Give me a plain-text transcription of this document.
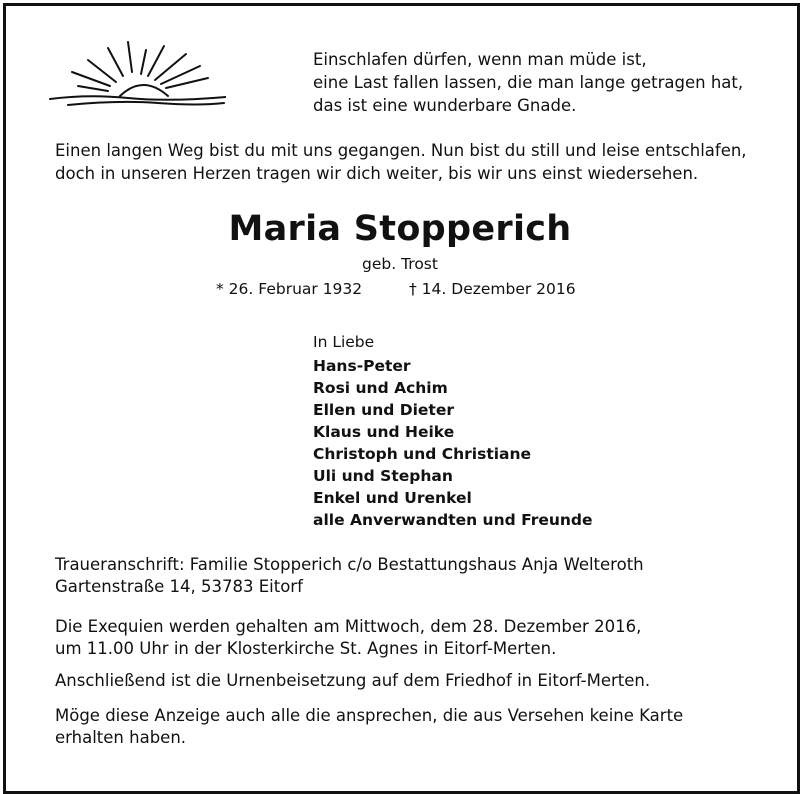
Einschlafen dürfen, wenn man müde ist,
eine Last fallen lassen, die man lange getragen hat,
das ist eine wunderbare Gnade.
Einen langen Weg bist du mit uns gegangen. Nun bist du still und leise entschlafen,
doch in unseren Herzen tragen wir dich weiter, bis wir uns einst wiedersehen.
Maria Stopperich
geb. Trost
* 26. Februar 1932	† 14. Dezember 2016
In Liebe
Hans-Peter
Rosi und Achim
Ellen und Dieter
Klaus und Heike
Christoph und Christiane
Uli und Stephan
Enkel und Urenkel
alle Anverwandten und Freunde
Traueranschrift: Familie Stopperich c/o Bestattungshaus Anja Welteroth
Gartenstraße 14, 53783 Eitorf
Die Exequien werden gehalten am Mittwoch, dem 28. Dezember 2016,
um 11.00 Uhr in der Klosterkirche St. Agnes in Eitorf-Merten.
Anschließend ist die Urnenbeisetzung auf dem Friedhof in Eitorf-Merten.
Möge diese Anzeige auch alle die ansprechen, die aus Versehen keine Karte
erhalten haben.
